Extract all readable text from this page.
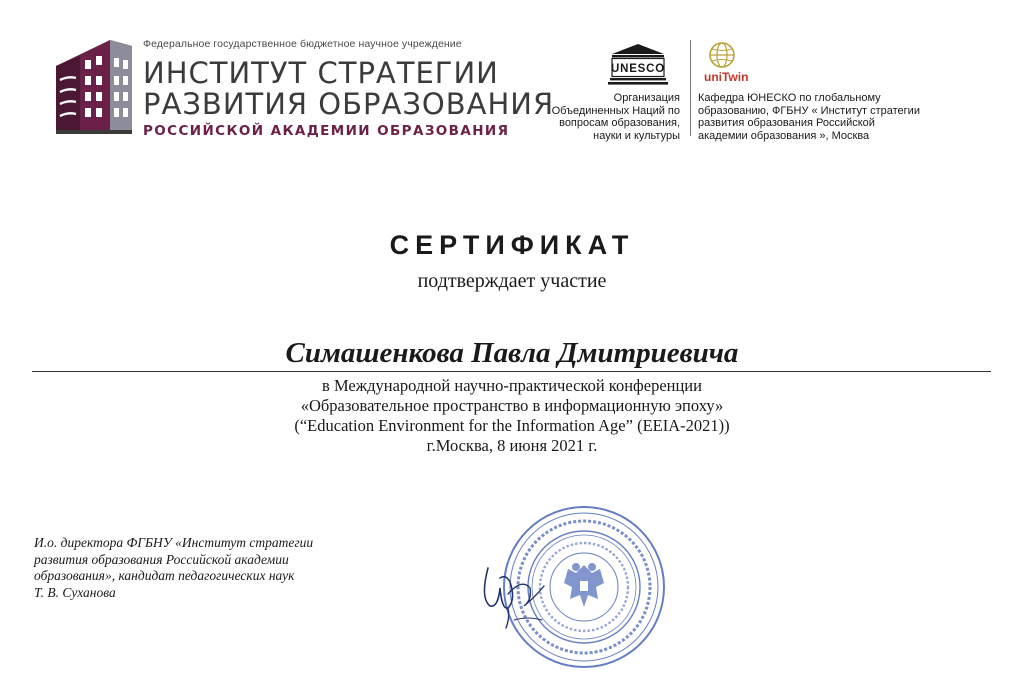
Федеральное государственное бюджетное научное учреждение
ИНСТИТУТ СТРАТЕГИИ
РАЗВИТИЯ ОБРАЗОВАНИЯ
РОССИЙСКОЙ АКАДЕМИИ ОБРАЗОВАНИЯ
UNESCO
Организация
Объединенных Наций по
вопросам образования,
науки и культуры
uniTwin
Кафедра ЮНЕСКО по глобальному
образованию, ФГБНУ « Институт стратегии
развития образования Российской
академии образования », Москва
СЕРТИФИКАТ
подтверждает участие
Симашенкова Павла Дмитриевича
в Международной научно-практической конференции
«Образовательное пространство в информационную эпоху»
(“Education Environment for the Information Age” (EEIA-2021))
г.Москва, 8 июня 2021 г.
И.о. директора ФГБНУ «Институт стратегии
развития образования Российской академии
образования», кандидат педагогических наук
Т. В. Суханова
